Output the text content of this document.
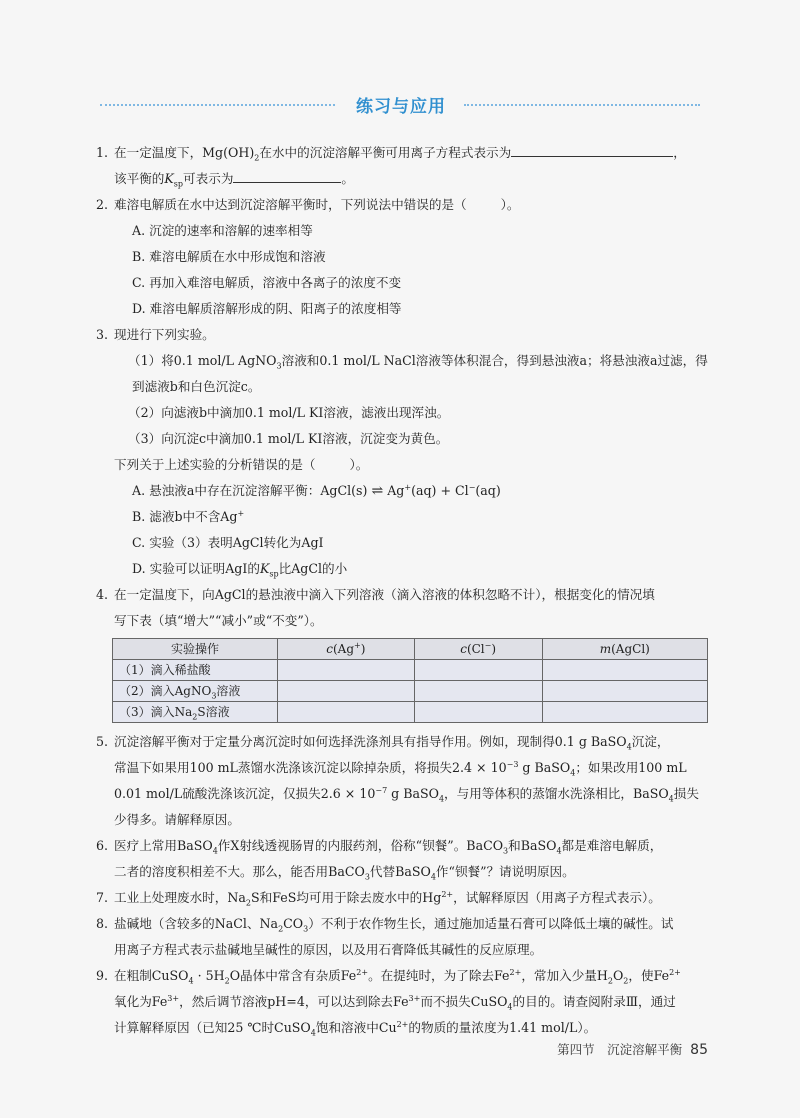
练习与应用
1. 在一定温度下，$Mg(OH)_2$在水中的沉淀溶解平衡可用离子方程式表示为	，
该平衡的$K_{sp}$可表示为	。
2. 难溶电解质在水中达到沉淀溶解平衡时，下列说法中错误的是（	）。
A. 沉淀的速率和溶解的速率相等
B. 难溶电解质在水中形成饱和溶液
C. 再加入难溶电解质，溶液中各离子的浓度不变
D. 难溶电解质溶解形成的阴、阳离子的浓度相等
3. 现进行下列实验。
（1）将0.1 mol/L AgNO$_3$溶液和0.1 mol/L NaCl溶液等体积混合，得到悬浊液a；将悬浊液a过滤，得
到滤液b和白色沉淀c。
（2）向滤液b中滴加0.1 mol/L KI溶液，滤液出现浑浊。
（3）向沉淀c中滴加0.1 mol/L KI溶液，沉淀变为黄色。
下列关于上述实验的分析错误的是（	）。
A. 悬浊液a中存在沉淀溶解平衡：AgCl(s) ⇌ Ag+(aq) + Cl−(aq)
B. 滤液b中不含Ag+
C. 实验（3）表明AgCl转化为AgI
D. 实验可以证明AgI的$K_{sp}$比AgCl的小
4. 在一定温度下，向AgCl的悬浊液中滴入下列溶液（滴入溶液的体积忽略不计），根据变化的情况填
写下表（填“增大”“减小”或“不变”）。
实验操作	c(Ag+)	c(Cl−)	m(AgCl)
（1）滴入稀盐酸			
（2）滴入AgNO$_3$溶液			
（3）滴入$Na_2S$溶液			
5. 沉淀溶解平衡对于定量分离沉淀时如何选择洗涤剂具有指导作用。例如，现制得0.1 g BaSO$_4$沉淀，
常温下如果用100 mL蒸馏水洗涤该沉淀以除掉杂质，将损失$2.4 \times 10^{-3}$ g BaSO$_4$；如果改用100 mL
0.01 mol/L硫酸洗涤该沉淀，仅损失$2.6 \times 10^{-7}$ g BaSO$_4$，与用等体积的蒸馏水洗涤相比，BaSO$_4$损失
少得多。请解释原因。
6. 医疗上常用BaSO$_4$作X射线透视肠胃的内服药剂，俗称“钡餐”。BaCO$_3$和BaSO$_4$都是难溶电解质，
二者的溶度积相差不大。那么，能否用BaCO$_3$代替BaSO$_4$作“钡餐”？请说明原因。
7. 工业上处理废水时，$Na_2S$和FeS均可用于除去废水中的$Hg^{2+}$，试解释原因（用离子方程式表示）。
8. 盐碱地（含较多的NaCl、$Na_2CO_3$）不利于农作物生长，通过施加适量石膏可以降低土壤的碱性。试
用离子方程式表示盐碱地呈碱性的原因，以及用石膏降低其碱性的反应原理。
9. 在粗制CuSO$_4$ · $5H_2O$晶体中常含有杂质$Fe^{2+}$。在提纯时，为了除去$Fe^{2+}$，常加入少量$H_2O_2$，使$Fe^{2+}$
氧化为$Fe^{3+}$，然后调节溶液pH=4，可以达到除去$Fe^{3+}$而不损失CuSO$_4$的目的。请查阅附录Ⅲ，通过
计算解释原因（已知25 ℃时CuSO$_4$饱和溶液中$Cu^{2+}$的物质的量浓度为1.41 mol/L）。
第四节　沉淀溶解平衡 85
